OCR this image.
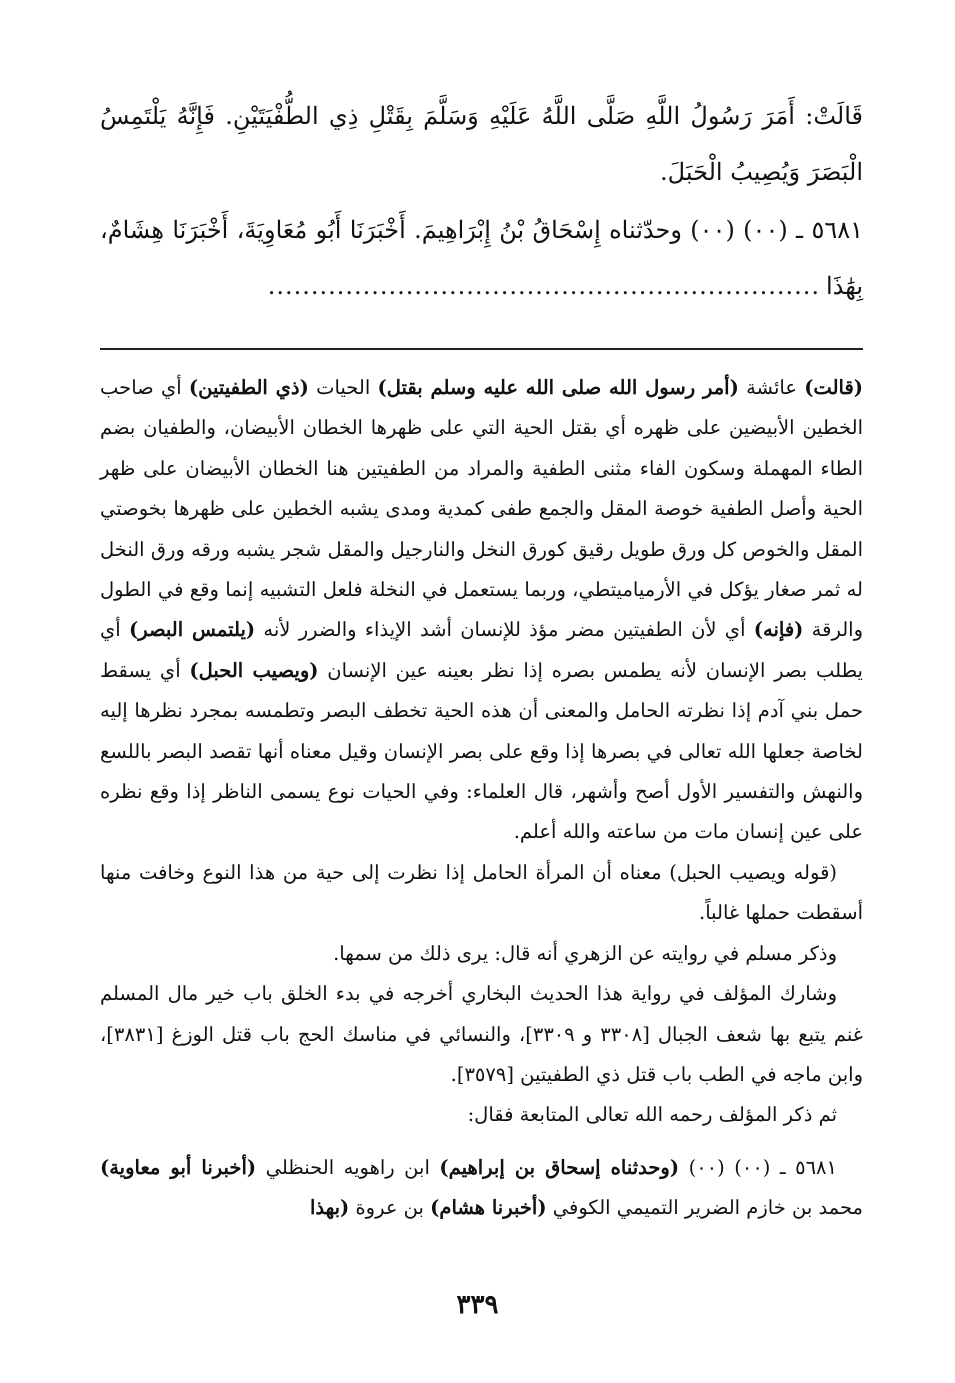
قَالَتْ: أَمَرَ رَسُولُ اللَّهِ صَلَّى اللَّهُ عَلَيْهِ وَسَلَّمَ بِقَتْلِ ذِي الطُّفْيَتَيْنِ. فَإِنَّهُ يَلْتَمِسُ الْبَصَرَ وَيُصِيبُ الْحَبَلَ.

٥٦٨١ ـ (٠٠) (٠٠) وحدّثناه إِسْحَاقُ بْنُ إِبْرَاهِيمَ. أَخْبَرَنَا أَبُو مُعَاوِيَةَ، أَخْبَرَنَا هِشَامٌ، بِهَٰذَا................................................................

(قالت) عائشة (أمر رسول الله صلى الله عليه وسلم بقتل) الحيات (ذي الطفيتين) أي صاحب الخطين الأبيضين على ظهره أي بقتل الحية التي على ظهرها الخطان الأبيضان، والطفيان بضم الطاء المهملة وسكون الفاء مثنى الطفية والمراد من الطفيتين هنا الخطان الأبيضان على ظهر الحية وأصل الطفية خوصة المقل والجمع طفى كمدية ومدى يشبه الخطين على ظهرها بخوصتي المقل والخوص كل ورق طويل رقيق كورق النخل والنارجيل والمقل شجر يشبه ورقه ورق النخل له ثمر صغار يؤكل في الأرمياميتطي، وربما يستعمل في النخلة فلعل التشبيه إنما وقع في الطول والرقة (فإنه) أي لأن الطفيتين مضر مؤذ للإنسان أشد الإيذاء والضرر لأنه (يلتمس البصر) أي يطلب بصر الإنسان لأنه يطمس بصره إذا نظر بعينه عين الإنسان (ويصيب الحبل) أي يسقط حمل بني آدم إذا نظرته الحامل والمعنى أن هذه الحية تخطف البصر وتطمسه بمجرد نظرها إليه لخاصة جعلها الله تعالى في بصرها إذا وقع على بصر الإنسان وقيل معناه أنها تقصد البصر باللسع والنهش والتفسير الأول أصح وأشهر، قال العلماء: وفي الحيات نوع يسمى الناظر إذا وقع نظره على عين إنسان مات من ساعته والله أعلم.

(قوله ويصيب الحبل) معناه أن المرأة الحامل إذا نظرت إلى حية من هذا النوع وخافت منها أسقطت حملها غالباً.

وذكر مسلم في روايته عن الزهري أنه قال: يرى ذلك من سمها.

وشارك المؤلف في رواية هذا الحديث البخاري أخرجه في بدء الخلق باب خير مال المسلم غنم يتبع بها شعف الجبال [٣٣٠٨ و ٣٣٠٩]، والنسائي في مناسك الحج باب قتل الوزغ [٣٨٣١]، وابن ماجه في الطب باب قتل ذي الطفيتين [٣٥٧٩].

ثم ذكر المؤلف رحمه الله تعالى المتابعة فقال:

٥٦٨١ ـ (٠٠) (٠٠) (وحدثناه إسحاق بن إبراهيم) ابن راهويه الحنظلي (أخبرنا أبو معاوية) محمد بن خازم الضرير التميمي الكوفي (أخبرنا هشام) بن عروة (بهذا

٣٣٩
